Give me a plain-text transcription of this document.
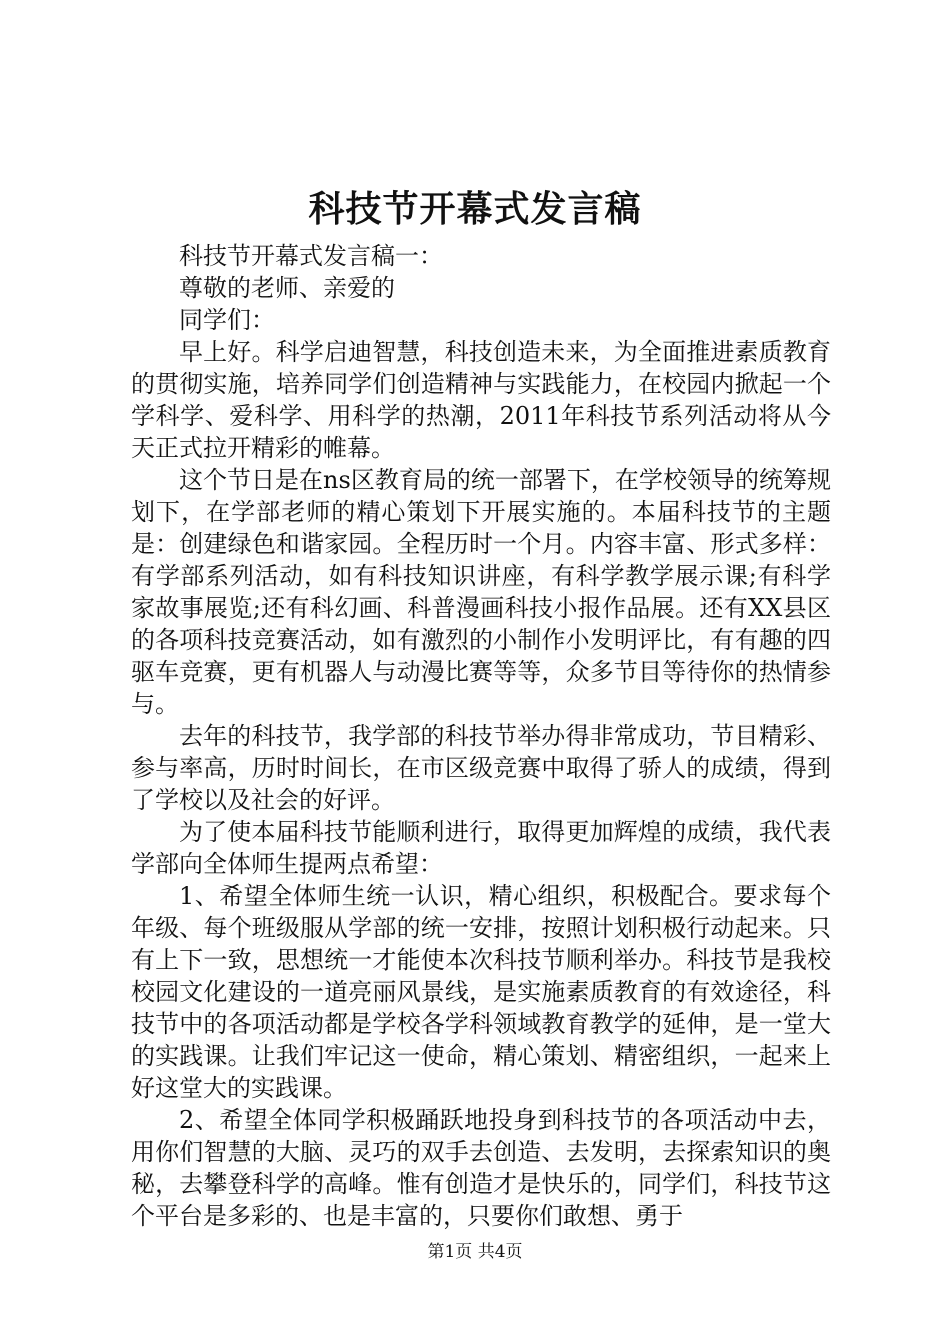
科技节开幕式发言稿

科技节开幕式发言稿一：

尊敬的老师、亲爱的

同学们：

早上好。科学启迪智慧，科技创造未来，为全面推进素质教育的贯彻实施，培养同学们创造精神与实践能力，在校园内掀起一个学科学、爱科学、用科学的热潮，2011年科技节系列活动将从今天正式拉开精彩的帷幕。

这个节日是在ns区教育局的统一部署下，在学校领导的统筹规划下，在学部老师的精心策划下开展实施的。本届科技节的主题是：创建绿色和谐家园。全程历时一个月。内容丰富、形式多样：有学部系列活动，如有科技知识讲座，有科学教学展示课;有科学家故事展览;还有科幻画、科普漫画科技小报作品展。还有XX县区的各项科技竞赛活动，如有激烈的小制作小发明评比，有有趣的四驱车竞赛，更有机器人与动漫比赛等等，众多节目等待你的热情参与。

去年的科技节，我学部的科技节举办得非常成功，节目精彩、参与率高，历时时间长，在市区级竞赛中取得了骄人的成绩，得到了学校以及社会的好评。

为了使本届科技节能顺利进行，取得更加辉煌的成绩，我代表学部向全体师生提两点希望：

1、希望全体师生统一认识，精心组织，积极配合。要求每个年级、每个班级服从学部的统一安排，按照计划积极行动起来。只有上下一致，思想统一才能使本次科技节顺利举办。科技节是我校校园文化建设的一道亮丽风景线，是实施素质教育的有效途径，科技节中的各项活动都是学校各学科领域教育教学的延伸，是一堂大的实践课。让我们牢记这一使命，精心策划、精密组织，一起来上好这堂大的实践课。

2、希望全体同学积极踊跃地投身到科技节的各项活动中去，用你们智慧的大脑、灵巧的双手去创造、去发明，去探索知识的奥秘，去攀登科学的高峰。惟有创造才是快乐的，同学们，科技节这个平台是多彩的、也是丰富的，只要你们敢想、勇于

第1页 共4页
